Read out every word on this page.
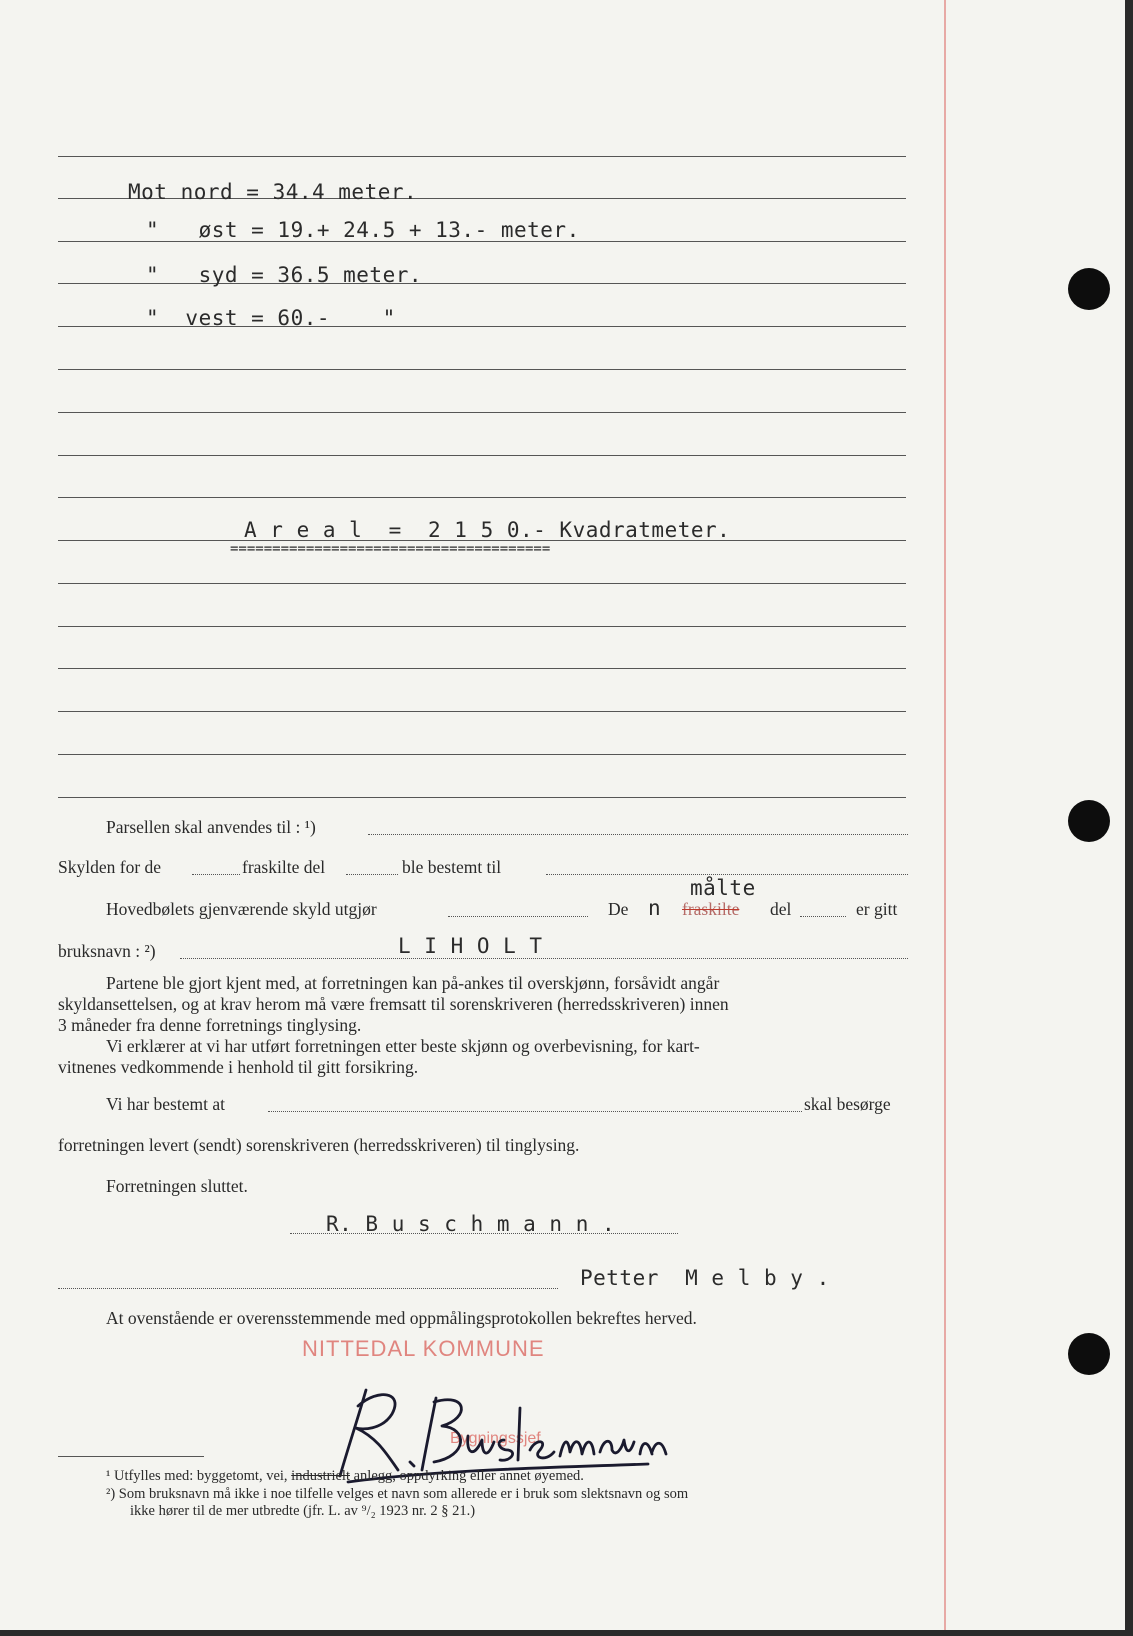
Mot nord = 34.4 meter.
"   øst = 19.+ 24.5 + 13.- meter.
"   syd = 36.5 meter.
"  vest = 60.-    "
A r e a l  =  2 1 5 0.- Kvadratmeter.
======================================
Parsellen skal anvendes til : ¹)
Skylden for de	fraskilte del	ble bestemt til
målte
Hovedbølets gjenværende skyld utgjør	De n fraskilte del	er gitt
bruksnavn : ²)	L I H O L T
Partene ble gjort kjent med, at forretningen kan på-ankes til overskjønn, forsåvidt angår
skyldansettelsen, og at krav herom må være fremsatt til sorenskriveren (herredsskriveren) innen
3 måneder fra denne forretnings tinglysing.
Vi erklærer at vi har utført forretningen etter beste skjønn og overbevisning, for kart-
vitnenes vedkommende i henhold til gitt forsikring.
Vi har bestemt at	skal besørge
forretningen levert (sendt) sorenskriveren (herredsskriveren) til tinglysing.
Forretningen sluttet.
R. B u s c h m a n n .
Petter  M e l b y .
At ovenstående er overensstemmende med oppmålingsprotokollen bekreftes herved.
NITTEDAL KOMMUNE
Bygningssjef
¹ Utfylles med: byggetomt, vei, industrielt anlegg, oppdyrking eller annet øyemed.
²) Som bruksnavn må ikke i noe tilfelle velges et navn som allerede er i bruk som slektsnavn og som
ikke hører til de mer utbredte (jfr. L. av ⁹/₂ 1923 nr. 2 § 21.)
